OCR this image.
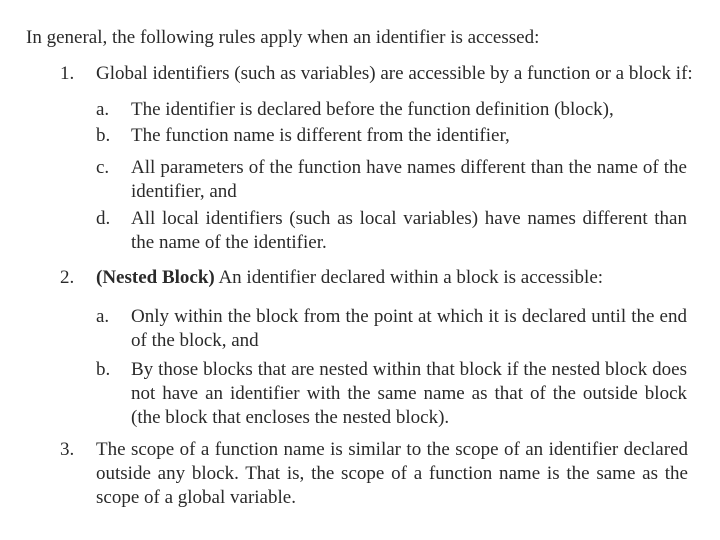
In general, the following rules apply when an identifier is accessed:
1. Global identifiers (such as variables) are accessible by a function or a block if:
a. The identifier is declared before the function definition (block),
b. The function name is different from the identifier,
c. All parameters of the function have names different than the name of the identifier, and
d. All local identifiers (such as local variables) have names different than the name of the identifier.
2. (Nested Block) An identifier declared within a block is accessible:
a. Only within the block from the point at which it is declared until the end of the block, and
b. By those blocks that are nested within that block if the nested block does not have an identifier with the same name as that of the outside block (the block that encloses the nested block).
3. The scope of a function name is similar to the scope of an identifier declared outside any block. That is, the scope of a function name is the same as the scope of a global variable.
